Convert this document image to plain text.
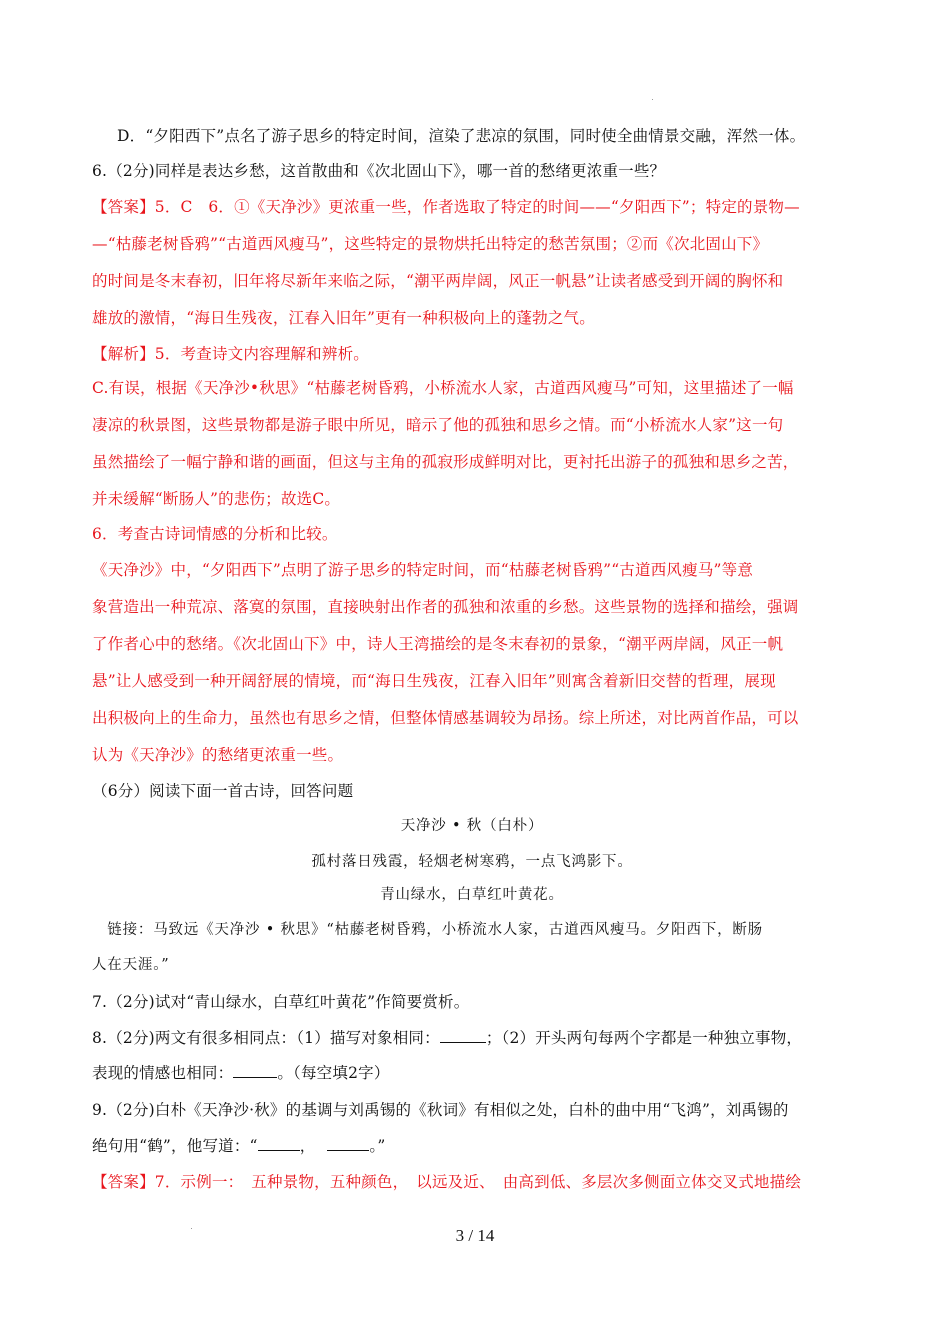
D．“夕阳西下”点名了游子思乡的特定时间，渲染了悲凉的氛围，同时使全曲情景交融，浑然一体。
6.（2分)同样是表达乡愁，这首散曲和《次北固山下》，哪一首的愁绪更浓重一些？
【答案】5．C　6．①《天净沙》更浓重一些，作者选取了特定的时间——“夕阳西下”；特定的景物—
—“枯藤老树昏鸦”“古道西风瘦马”，这些特定的景物烘托出特定的愁苦氛围；②而《次北固山下》
的时间是冬末春初，旧年将尽新年来临之际，“潮平两岸阔，风正一帆悬”让读者感受到开阔的胸怀和
雄放的激情，“海日生残夜，江春入旧年”更有一种积极向上的蓬勃之气。
【解析】5．考查诗文内容理解和辨析。
C.有误，根据《天净沙•秋思》“枯藤老树昏鸦，小桥流水人家，古道西风瘦马”可知，这里描述了一幅
凄凉的秋景图，这些景物都是游子眼中所见，暗示了他的孤独和思乡之情。而“小桥流水人家”这一句
虽然描绘了一幅宁静和谐的画面，但这与主角的孤寂形成鲜明对比，更衬托出游子的孤独和思乡之苦，
并未缓解“断肠人”的悲伤；故选C。
6．考查古诗词情感的分析和比较。
《天净沙》中，“夕阳西下”点明了游子思乡的特定时间，而“枯藤老树昏鸦”“古道西风瘦马”等意
象营造出一种荒凉、落寞的氛围，直接映射出作者的孤独和浓重的乡愁。这些景物的选择和描绘，强调
了作者心中的愁绪。《次北固山下》中，诗人王湾描绘的是冬末春初的景象，“潮平两岸阔，风正一帆
悬”让人感受到一种开阔舒展的情境，而“海日生残夜，江春入旧年”则寓含着新旧交替的哲理，展现
出积极向上的生命力，虽然也有思乡之情，但整体情感基调较为昂扬。综上所述，对比两首作品，可以
认为《天净沙》的愁绪更浓重一些。
（6分）阅读下面一首古诗，回答问题
天净沙 • 秋（白朴）
孤村落日残霞，轻烟老树寒鸦，一点飞鸿影下。
青山绿水，白草红叶黄花。
　链接：马致远《天净沙 • 秋思》“枯藤老树昏鸦，小桥流水人家，古道西风瘦马。夕阳西下，断肠
人在天涯。”
7.（2分)试对“青山绿水，白草红叶黄花”作简要赏析。
8.（2分)两文有很多相同点：（1）描写对象相同：	；（2）开头两句每两个字都是一种独立事物，
表现的情感也相同：	。（每空填2字）
9.（2分)白朴《天净沙·秋》的基调与刘禹锡的《秋词》有相似之处，白朴的曲中用“飞鸿”，刘禹锡的
绝句用“鹤”，他写道：“	，	。”
【答案】7．示例一：　五种景物，五种颜色，　以远及近、　由高到低、多层次多侧面立体交叉式地描绘
3 / 14
